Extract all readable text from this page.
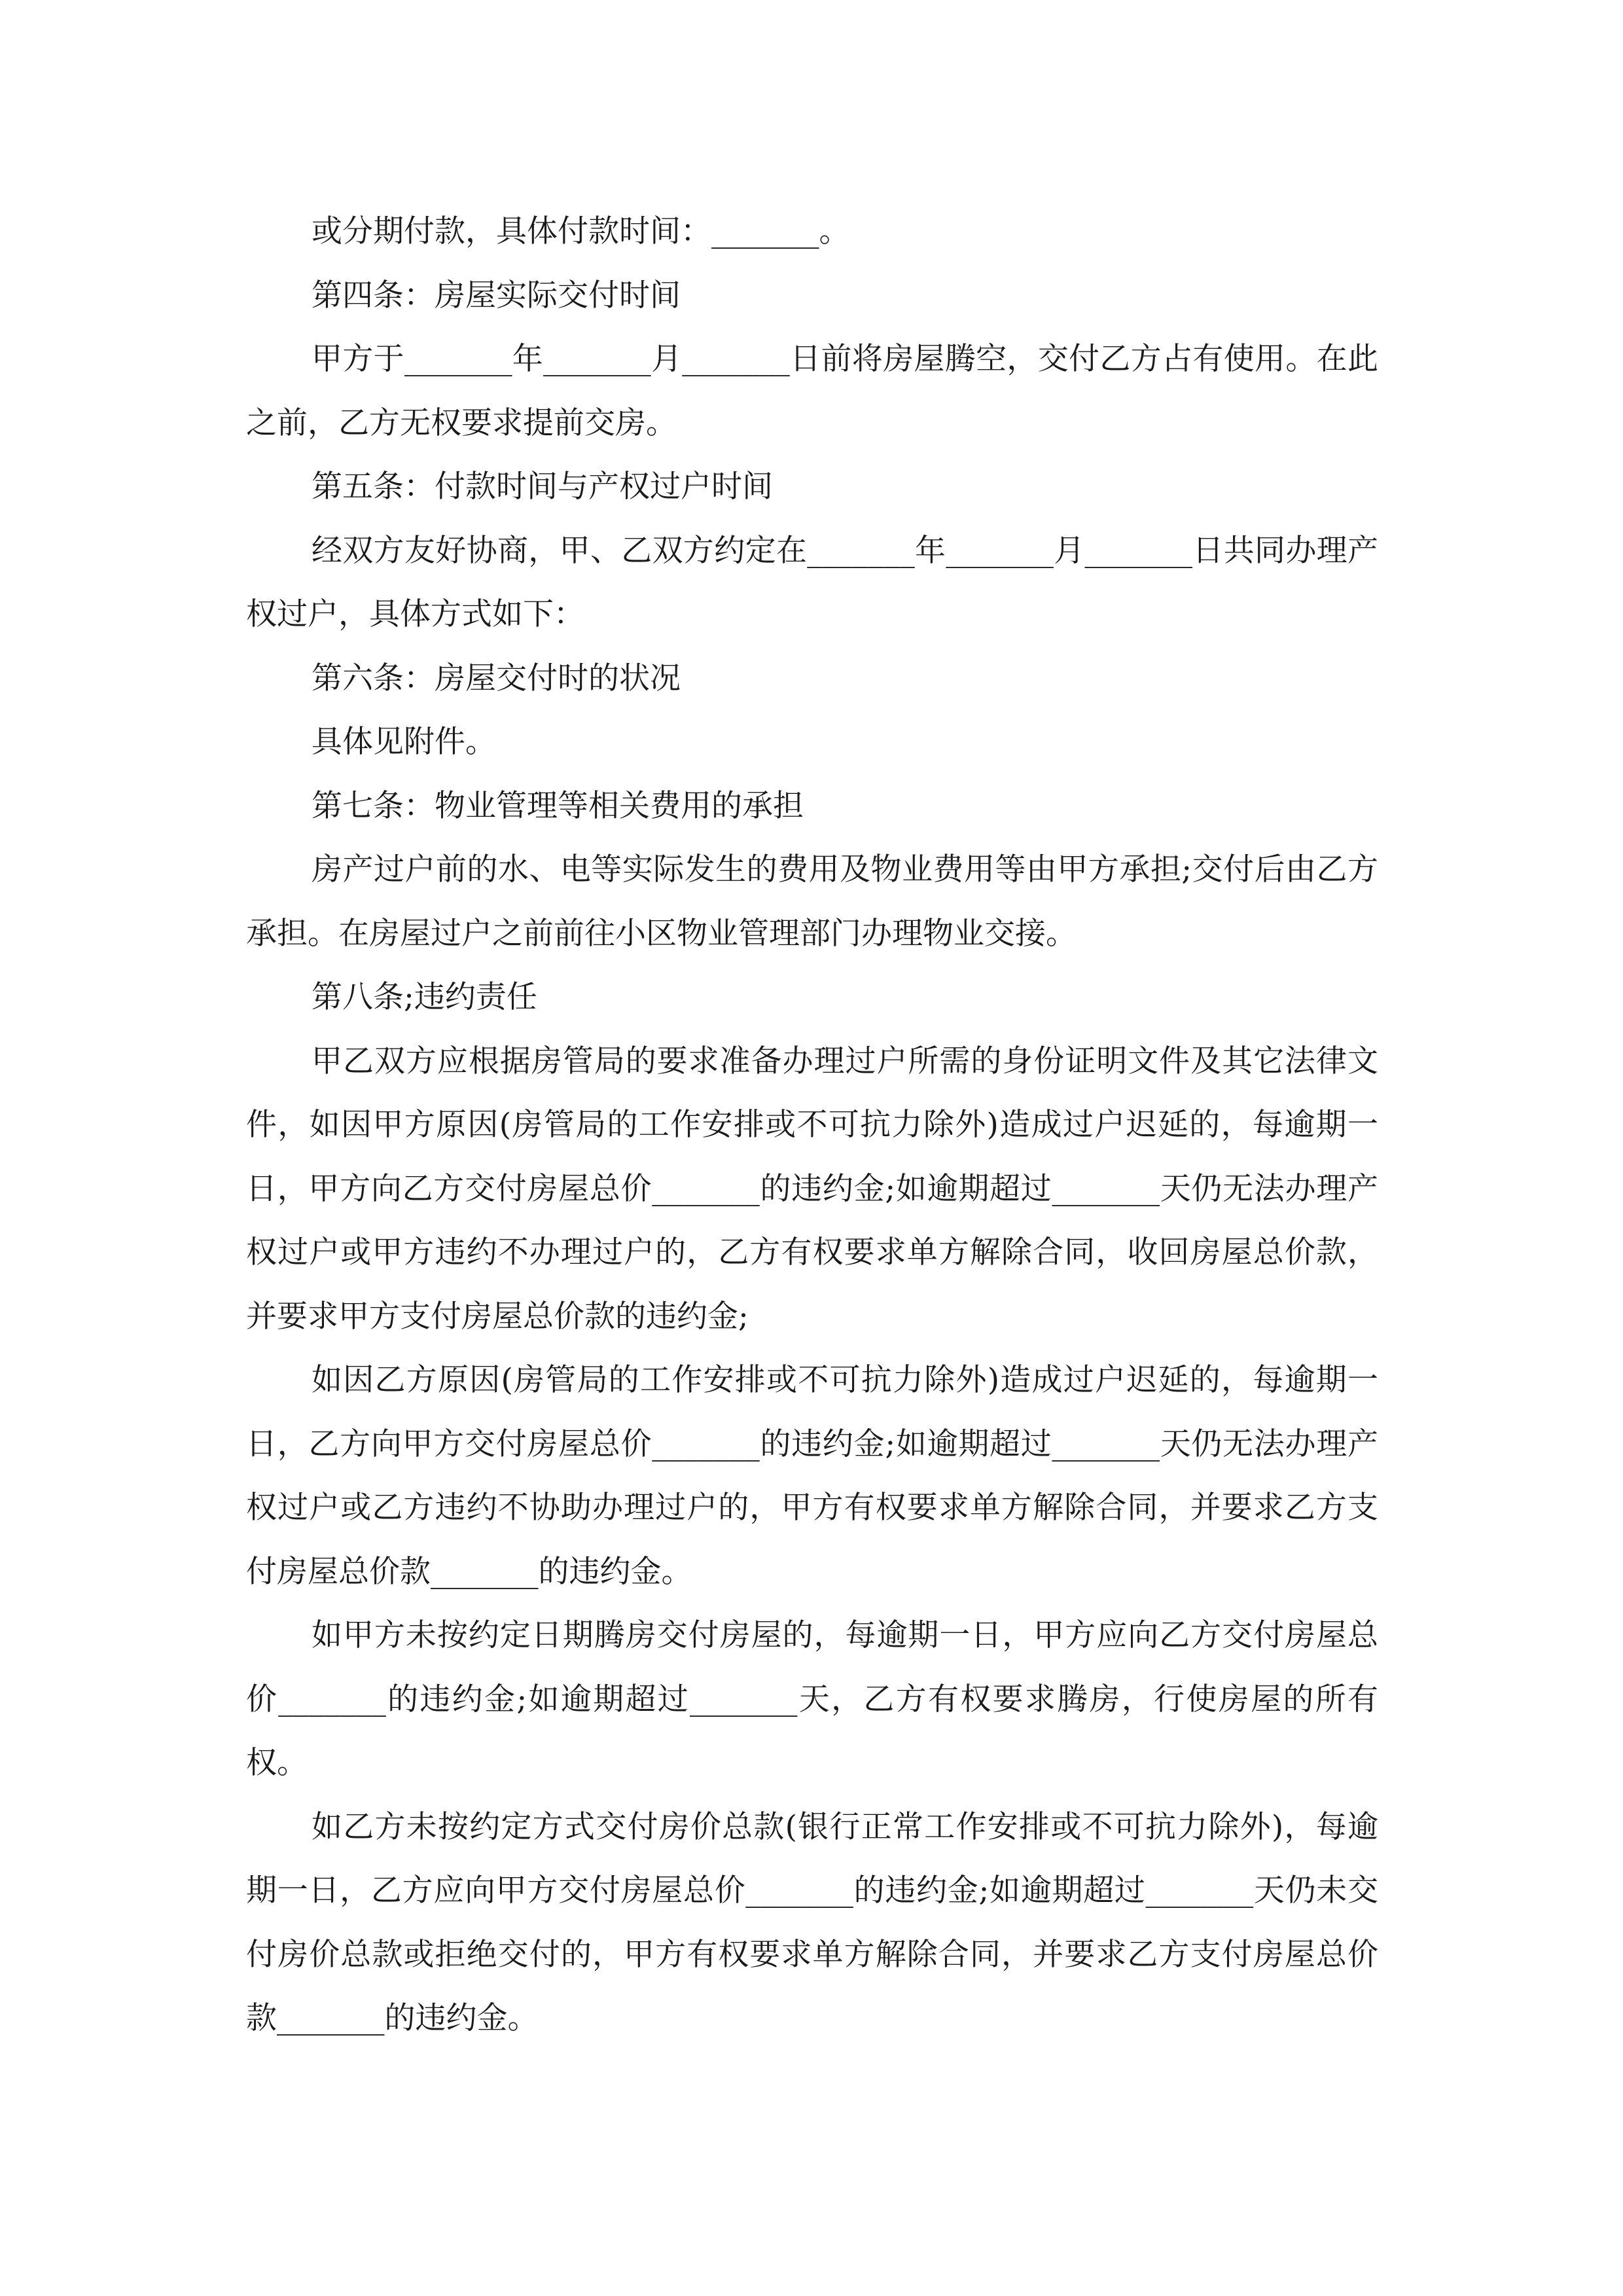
或分期付款，具体付款时间：_______。

第四条：房屋实际交付时间

甲方于_______年_______月_______日前将房屋腾空，交付乙方占有使用。在此之前，乙方无权要求提前交房。

第五条：付款时间与产权过户时间

经双方友好协商，甲、乙双方约定在_______年_______月_______日共同办理产权过户，具体方式如下：

第六条：房屋交付时的状况

具体见附件。

第七条：物业管理等相关费用的承担

房产过户前的水、电等实际发生的费用及物业费用等由甲方承担;交付后由乙方承担。在房屋过户之前前往小区物业管理部门办理物业交接。

第八条;违约责任

甲乙双方应根据房管局的要求准备办理过户所需的身份证明文件及其它法律文件，如因甲方原因(房管局的工作安排或不可抗力除外)造成过户迟延的，每逾期一日，甲方向乙方交付房屋总价_______的违约金;如逾期超过_______天仍无法办理产权过户或甲方违约不办理过户的，乙方有权要求单方解除合同，收回房屋总价款，并要求甲方支付房屋总价款的违约金;

如因乙方原因(房管局的工作安排或不可抗力除外)造成过户迟延的，每逾期一日，乙方向甲方交付房屋总价_______的违约金;如逾期超过_______天仍无法办理产权过户或乙方违约不协助办理过户的，甲方有权要求单方解除合同，并要求乙方支付房屋总价款_______的违约金。

如甲方未按约定日期腾房交付房屋的，每逾期一日，甲方应向乙方交付房屋总价_______的违约金;如逾期超过_______天，乙方有权要求腾房，行使房屋的所有权。

如乙方未按约定方式交付房价总款(银行正常工作安排或不可抗力除外)，每逾期一日，乙方应向甲方交付房屋总价_______的违约金;如逾期超过_______天仍未交付房价总款或拒绝交付的，甲方有权要求单方解除合同，并要求乙方支付房屋总价款_______的违约金。
